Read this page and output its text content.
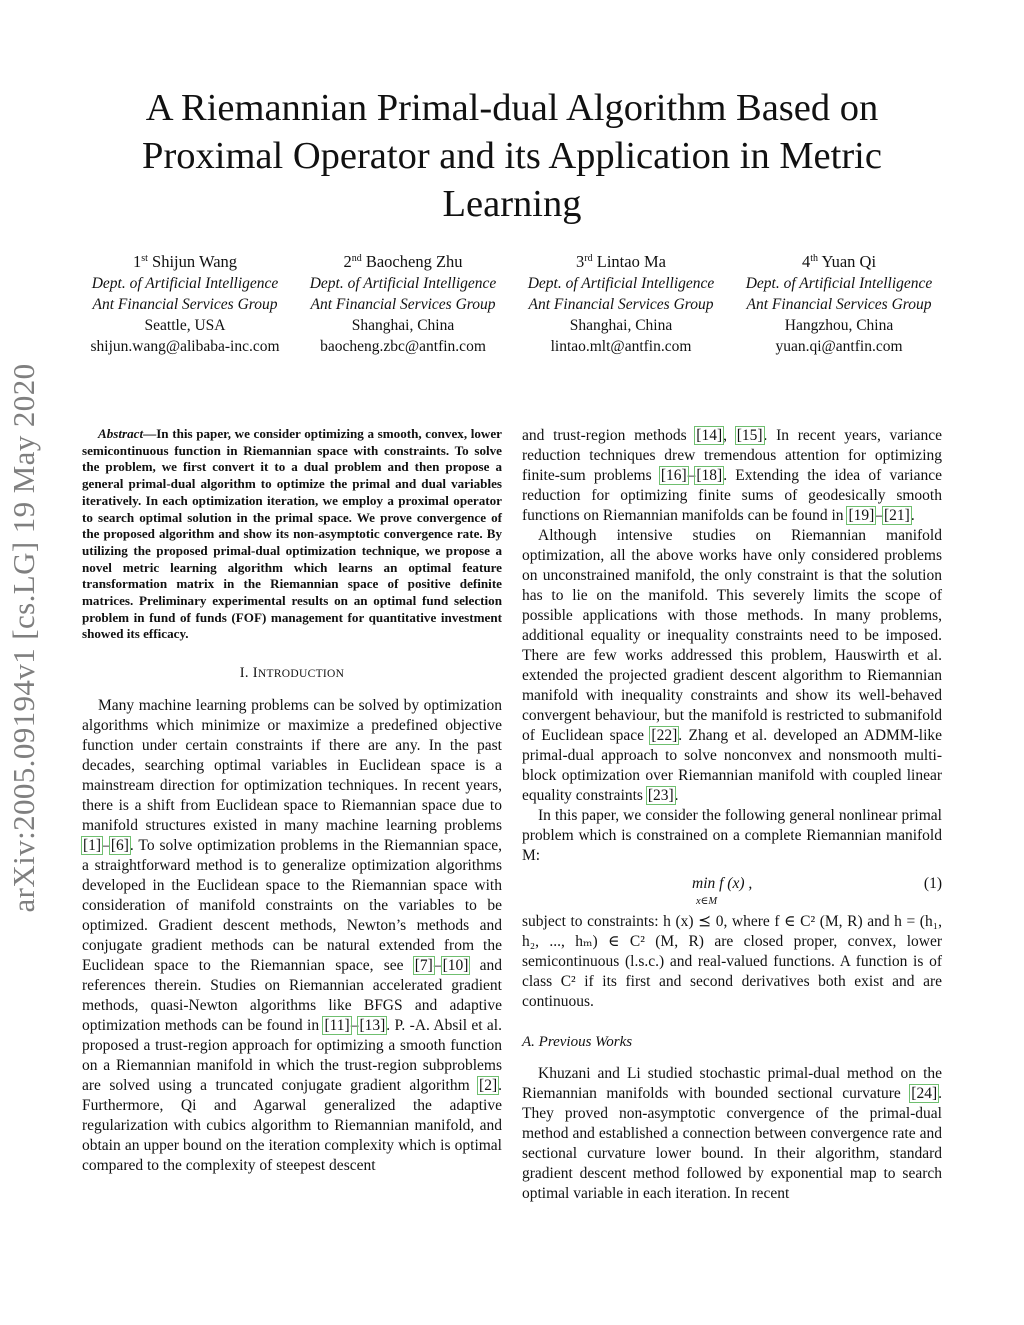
arXiv:2005.09194v1 [cs.LG] 19 May 2020
A Riemannian Primal-dual Algorithm Based on Proximal Operator and its Application in Metric Learning
1st Shijun Wang
Dept. of Artificial Intelligence
Ant Financial Services Group
Seattle, USA
shijun.wang@alibaba-inc.com
2nd Baocheng Zhu
Dept. of Artificial Intelligence
Ant Financial Services Group
Shanghai, China
baocheng.zbc@antfin.com
3rd Lintao Ma
Dept. of Artificial Intelligence
Ant Financial Services Group
Shanghai, China
lintao.mlt@antfin.com
4th Yuan Qi
Dept. of Artificial Intelligence
Ant Financial Services Group
Hangzhou, China
yuan.qi@antfin.com

Abstract—In this paper, we consider optimizing a smooth, convex, lower semicontinuous function in Riemannian space with constraints. To solve the problem, we first convert it to a dual problem and then propose a general primal-dual algorithm to optimize the primal and dual variables iteratively. In each optimization iteration, we employ a proximal operator to search optimal solution in the primal space. We prove convergence of the proposed algorithm and show its non-asymptotic convergence rate. By utilizing the proposed primal-dual optimization technique, we propose a novel metric learning algorithm which learns an optimal feature transformation matrix in the Riemannian space of positive definite matrices. Preliminary experimental results on an optimal fund selection problem in fund of funds (FOF) management for quantitative investment showed its efficacy.

I. INTRODUCTION

Many machine learning problems can be solved by optimization algorithms which minimize or maximize a predefined objective function under certain constraints if there are any. In the past decades, searching optimal variables in Euclidean space is a mainstream direction for optimization techniques. In recent years, there is a shift from Euclidean space to Riemannian space due to manifold structures existed in many machine learning problems [1]–[6]. To solve optimization problems in the Riemannian space, a straightforward method is to generalize optimization algorithms developed in the Euclidean space to the Riemannian space with consideration of manifold constraints on the variables to be optimized. Gradient descent methods, Newton’s methods and conjugate gradient methods can be natural extended from the Euclidean space to the Riemannian space, see [7]–[10] and references therein. Studies on Riemannian accelerated gradient methods, quasi-Newton algorithms like BFGS and adaptive optimization methods can be found in [11]–[13]. P. -A. Absil et al. proposed a trust-region approach for optimizing a smooth function on a Riemannian manifold in which the trust-region subproblems are solved using a truncated conjugate gradient algorithm [2]. Furthermore, Qi and Agarwal generalized the adaptive regularization with cubics algorithm to Riemannian manifold, and obtain an upper bound on the iteration complexity which is optimal compared to the complexity of steepest descent

and trust-region methods [14], [15]. In recent years, variance reduction techniques drew tremendous attention for optimizing finite-sum problems [16]–[18]. Extending the idea of variance reduction for optimizing finite sums of geodesically smooth functions on Riemannian manifolds can be found in [19]–[21].

Although intensive studies on Riemannian manifold optimization, all the above works have only considered problems on unconstrained manifold, the only constraint is that the solution has to lie on the manifold. This severely limits the scope of possible applications with those methods. In many problems, additional equality or inequality constraints need to be imposed. There are few works addressed this problem, Hauswirth et al. extended the projected gradient descent algorithm to Riemannian manifold with inequality constraints and show its well-behaved convergent behaviour, but the manifold is restricted to submanifold of Euclidean space [22]. Zhang et al. developed an ADMM-like primal-dual approach to solve nonconvex and nonsmooth multi-block optimization over Riemannian manifold with coupled linear equality constraints [23].

In this paper, we consider the following general nonlinear primal problem which is constrained on a complete Riemannian manifold M:

min f (x) ,
x∈M
(1)

subject to constraints: h (x) ⪯ 0, where f ∈ C² (M, R) and h = (h₁, h₂, ..., hₘ) ∈ C² (M, R) are closed proper, convex, lower semicontinuous (l.s.c.) and real-valued functions. A function is of class C² if its first and second derivatives both exist and are continuous.

A. Previous Works

Khuzani and Li studied stochastic primal-dual method on the Riemannian manifolds with bounded sectional curvature [24]. They proved non-asymptotic convergence of the primal-dual method and established a connection between convergence rate and sectional curvature lower bound. In their algorithm, standard gradient descent method followed by exponential map to search optimal variable in each iteration. In recent
